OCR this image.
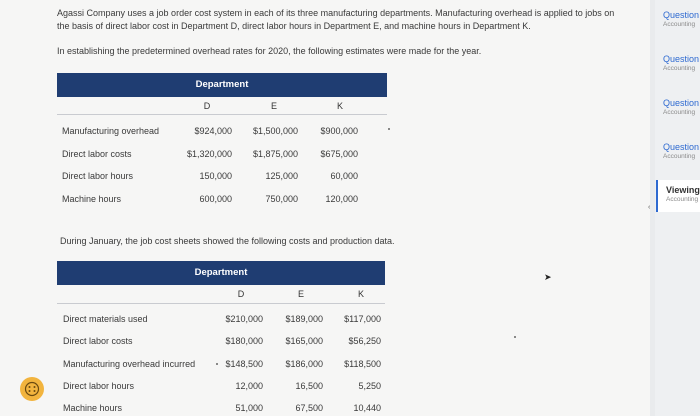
Agassi Company uses a job order cost system in each of its three manufacturing departments. Manufacturing overhead is applied to jobs on the basis of direct labor cost in Department D, direct labor hours in Department E, and machine hours in Department K.
In establishing the predetermined overhead rates for 2020, the following estimates were made for the year.
Department
D	E	K
Manufacturing overhead	$924,000	$1,500,000	$900,000
Direct labor costs	$1,320,000	$1,875,000	$675,000
Direct labor hours	150,000	125,000	60,000
Machine hours	600,000	750,000	120,000
During January, the job cost sheets showed the following costs and production data.
Department
D	E	K
Direct materials used	$210,000	$189,000	$117,000
Direct labor costs	$180,000	$165,000	$56,250
Manufacturing overhead incurred	$148,500	$186,000	$118,500
Direct labor hours	12,000	16,500	5,250
Machine hours	51,000	67,500	10,440
➤
Question
Accounting
Question
Accounting
Question
Accounting
Question
Accounting
Viewing
Accounting
‹
